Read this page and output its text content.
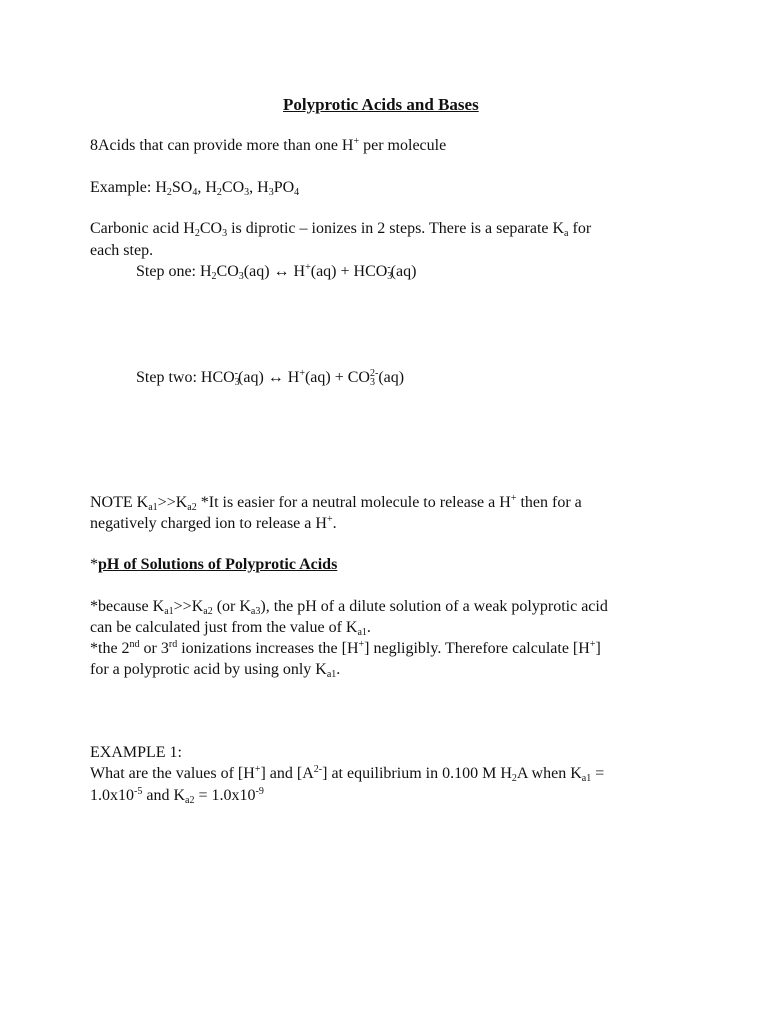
Polyprotic Acids and Bases
8Acids that can provide more than one H+ per molecule
Example: $H_2SO_4$, $H_2CO_3$, $H_3PO_4$
Carbonic acid $H_2CO_3$ is diprotic – ionizes in 2 steps. There is a separate $K_a$ for
each step.
Step one: $H_2CO_3(aq)$ ↔ $H^+(aq) + HCO_3^-(aq)$
Step two: $HCO_3^-(aq)$ ↔ $H^+(aq) + CO_3^{2-}(aq)$
NOTE $K_{a1}>>K_{a2}$ *It is easier for a neutral molecule to release a H+ then for a
negatively charged ion to release a H+.
*pH of Solutions of Polyprotic Acids
*because $K_{a1}>>K_{a2}$ (or $K_{a3}$), the pH of a dilute solution of a weak polyprotic acid
can be calculated just from the value of $K_{a1}$.
*the 2nd or 3rd ionizations increases the [H+] negligibly. Therefore calculate [H+]
for a polyprotic acid by using only $K_{a1}$.
EXAMPLE 1:
What are the values of [H+] and $[A^{2-}]$ at equilibrium in 0.100 M $H_2A$ when $K_{a1}$ =
$1.0x10^{-5}$ and $K_{a2} = 1.0x10^{-9}$
